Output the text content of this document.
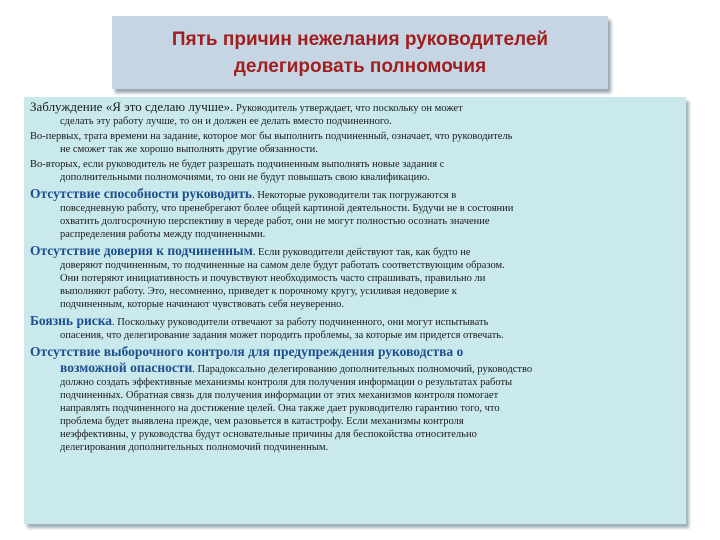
Пять причин нежелания руководителей
делегировать полномочия

Заблуждение «Я это сделаю лучше». Руководитель утверждает, что поскольку он может

сделать эту работу лучше, то он и должен ее делать вместо подчиненного.

Во-первых, трата времени на задание, которое мог бы выполнить подчиненный, означает, что руководитель

не сможет так же хорошо выполнять другие обязанности.

Во-вторых, если руководитель не будет разрешать подчиненным выполнять новые задания с

дополнительными полномочиями, то они не будут повышать свою квалификацию.

Отсутствие способности руководить. Некоторые руководители так погружаются в

повседневную работу, что пренебрегают более общей картиной деятельности. Будучи не в состоянии

охватить долгосрочную перспективу в череде работ, они не могут полностью осознать значение

распределения работы между подчиненными.

Отсутствие доверия к подчиненным. Если руководители действуют так, как будто не

доверяют подчиненным, то подчиненные на самом деле будут работать соответствующим образом.

Они потеряют инициативность и почувствуют необходимость часто спрашивать, правильно ли

выполняют работу. Это, несомненно, приведет к порочному кругу, усиливая недоверие к

подчиненным, которые начинают чувствовать себя неуверенно.

Боязнь риска. Поскольку руководители отвечают за работу подчиненного, они могут испытывать

опасения, что делегирование задания может породить проблемы, за которые им придется отвечать.

Отсутствие выборочного контроля для предупреждения руководства о

возможной опасности. Парадоксально делегированию дополнительных полномочий, руководство

должно создать эффективные механизмы контроля для получения информации о результатах работы

подчиненных. Обратная связь для получения информации от этих механизмов контроля помогает

направлять подчиненного на достижение целей. Она также дает руководителю гарантию того, что

проблема будет выявлена прежде, чем разовьется в катастрофу. Если механизмы контроля

неэффективны, у руководства будут основательные причины для беспокойства относительно

делегирования дополнительных полномочий подчиненным.
